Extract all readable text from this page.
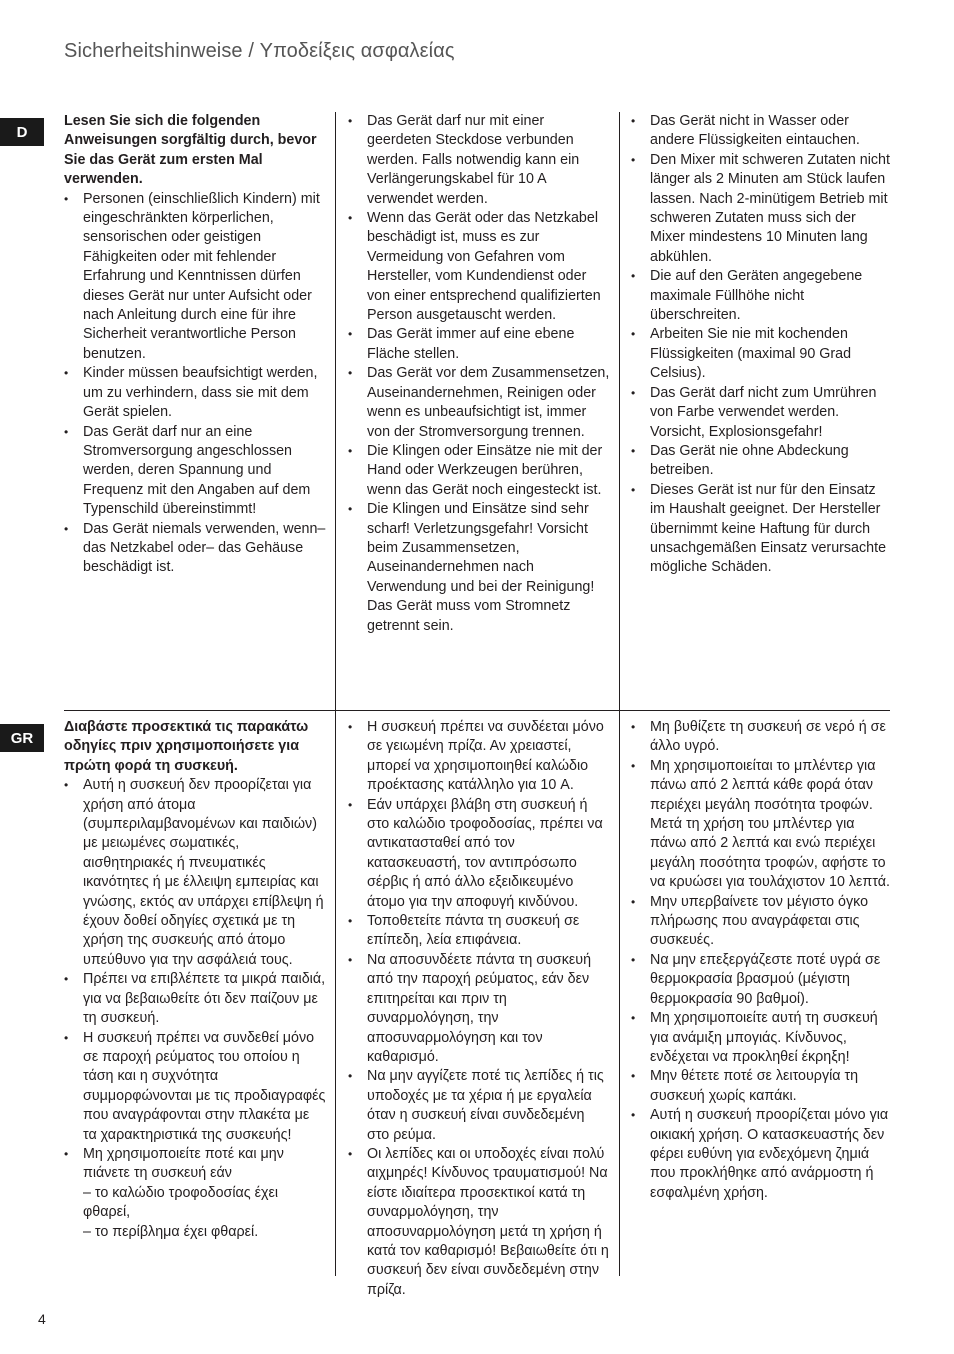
Sicherheitshinweise / Υποδείξεις ασφαλείας
D

Lesen Sie sich die folgenden Anweisungen sorgfältig durch, bevor Sie das Gerät zum ersten Mal verwenden.

• Personen (einschließlich Kindern) mit eingeschränkten körperlichen, sensorischen oder geistigen Fähigkeiten oder mit fehlender Erfahrung und Kenntnissen dürfen dieses Gerät nur unter Aufsicht oder nach Anleitung durch eine für ihre Sicherheit verantwortliche Person benutzen.
• Kinder müssen beaufsichtigt werden, um zu verhindern, dass sie mit dem Gerät spielen.
• Das Gerät darf nur an eine Stromversorgung angeschlossen werden, deren Spannung und Frequenz mit den Angaben auf dem Typenschild übereinstimmt!
• Das Gerät niemals verwenden, wenn– das Netzkabel oder– das Gehäuse beschädigt ist.
• Das Gerät darf nur mit einer geerdeten Steckdose verbunden werden. Falls notwendig kann ein Verlängerungskabel für 10 A verwendet werden.
• Wenn das Gerät oder das Netzkabel beschädigt ist, muss es zur Vermeidung von Gefahren vom Hersteller, vom Kundendienst oder von einer entsprechend qualifizierten Person ausgetauscht werden.
• Das Gerät immer auf eine ebene Fläche stellen.
• Das Gerät vor dem Zusammensetzen, Auseinandernehmen, Reinigen oder wenn es unbeaufsichtigt ist, immer von der Stromversorgung trennen.
• Die Klingen oder Einsätze nie mit der Hand oder Werkzeugen berühren, wenn das Gerät noch eingesteckt ist.
• Die Klingen und Einsätze sind sehr scharf! Verletzungsgefahr! Vorsicht beim Zusammensetzen, Auseinandernehmen nach Verwendung und bei der Reinigung! Das Gerät muss vom Stromnetz getrennt sein.
• Das Gerät nicht in Wasser oder andere Flüssigkeiten eintauchen.
• Den Mixer mit schweren Zutaten nicht länger als 2 Minuten am Stück laufen lassen. Nach 2-minütigem Betrieb mit schweren Zutaten muss sich der Mixer mindestens 10 Minuten lang abkühlen.
• Die auf den Geräten angegebene maximale Füllhöhe nicht überschreiten.
• Arbeiten Sie nie mit kochenden Flüssigkeiten (maximal 90 Grad Celsius).
• Das Gerät darf nicht zum Umrühren von Farbe verwendet werden. Vorsicht, Explosionsgefahr!
• Das Gerät nie ohne Abdeckung betreiben.
• Dieses Gerät ist nur für den Einsatz im Haushalt geeignet. Der Hersteller übernimmt keine Haftung für durch unsachgemäßen Einsatz verursachte mögliche Schäden.
GR

Διαβάστε προσεκτικά τις παρακάτω οδηγίες πριν χρησιμοποιήσετε για πρώτη φορά τη συσκευή.

• Αυτή η συσκευή δεν προορίζεται για χρήση από άτομα (συμπεριλαμβανομένων και παιδιών) με μειωμένες σωματικές, αισθητηριακές ή πνευματικές ικανότητες ή με έλλειψη εμπειρίας και γνώσης, εκτός αν υπάρχει επίβλεψη ή έχουν δοθεί οδηγίες σχετικά με τη χρήση της συσκευής από άτομο υπεύθυνο για την ασφάλειά τους.
• Πρέπει να επιβλέπετε τα μικρά παιδιά, για να βεβαιωθείτε ότι δεν παίζουν με τη συσκευή.
• Η συσκευή πρέπει να συνδεθεί μόνο σε παροχή ρεύματος του οποίου η τάση και η συχνότητα συμμορφώνονται με τις προδιαγραφές που αναγράφονται στην πλακέτα με τα χαρακτηριστικά της συσκευής!
• Μη χρησιμοποιείτε ποτέ και μην πιάνετε τη συσκευή εάν
– το καλώδιο τροφοδοσίας έχει φθαρεί,
– το περίβλημα έχει φθαρεί.
• Η συσκευή πρέπει να συνδέεται μόνο σε γειωμένη πρίζα. Αν χρειαστεί, μπορεί να χρησιμοποιηθεί καλώδιο προέκτασης κατάλληλο για 10 A.
• Εάν υπάρχει βλάβη στη συσκευή ή στο καλώδιο τροφοδοσίας, πρέπει να αντικατασταθεί από τον κατασκευαστή, τον αντιπρόσωπο σέρβις ή από άλλο εξειδικευμένο άτομο για την αποφυγή κινδύνου.
• Τοποθετείτε πάντα τη συσκευή σε επίπεδη, λεία επιφάνεια.
• Να αποσυνδέετε πάντα τη συσκευή από την παροχή ρεύματος, εάν δεν επιτηρείται και πριν τη συναρμολόγηση, την αποσυναρμολόγηση και τον καθαρισμό.
• Να μην αγγίζετε ποτέ τις λεπίδες ή τις υποδοχές με τα χέρια ή με εργαλεία όταν η συσκευή είναι συνδεδεμένη στο ρεύμα.
• Οι λεπίδες και οι υποδοχές είναι πολύ αιχμηρές! Κίνδυνος τραυματισμού! Να είστε ιδιαίτερα προσεκτικοί κατά τη συναρμολόγηση, την αποσυναρμολόγηση μετά τη χρήση ή κατά τον καθαρισμό! Βεβαιωθείτε ότι η συσκευή δεν είναι συνδεδεμένη στην πρίζα.
• Μη βυθίζετε τη συσκευή σε νερό ή σε άλλο υγρό.
• Μη χρησιμοποιείται το μπλέντερ για πάνω από 2 λεπτά κάθε φορά όταν περιέχει μεγάλη ποσότητα τροφών. Μετά τη χρήση του μπλέντερ για πάνω από 2 λεπτά και ενώ περιέχει μεγάλη ποσότητα τροφών, αφήστε το να κρυώσει για τουλάχιστον 10 λεπτά.
• Μην υπερβαίνετε τον μέγιστο όγκο πλήρωσης που αναγράφεται στις συσκευές.
• Να μην επεξεργάζεστε ποτέ υγρά σε θερμοκρασία βρασμού (μέγιστη θερμοκρασία 90 βαθμοί).
• Μη χρησιμοποιείτε αυτή τη συσκευή για ανάμιξη μπογιάς. Κίνδυνος, ενδέχεται να προκληθεί έκρηξη!
• Μην θέτετε ποτέ σε λειτουργία τη συσκευή χωρίς καπάκι.
• Αυτή η συσκευή προορίζεται μόνο για οικιακή χρήση. Ο κατασκευαστής δεν φέρει ευθύνη για ενδεχόμενη ζημιά που προκλήθηκε από ανάρμοστη ή εσφαλμένη χρήση.
4
